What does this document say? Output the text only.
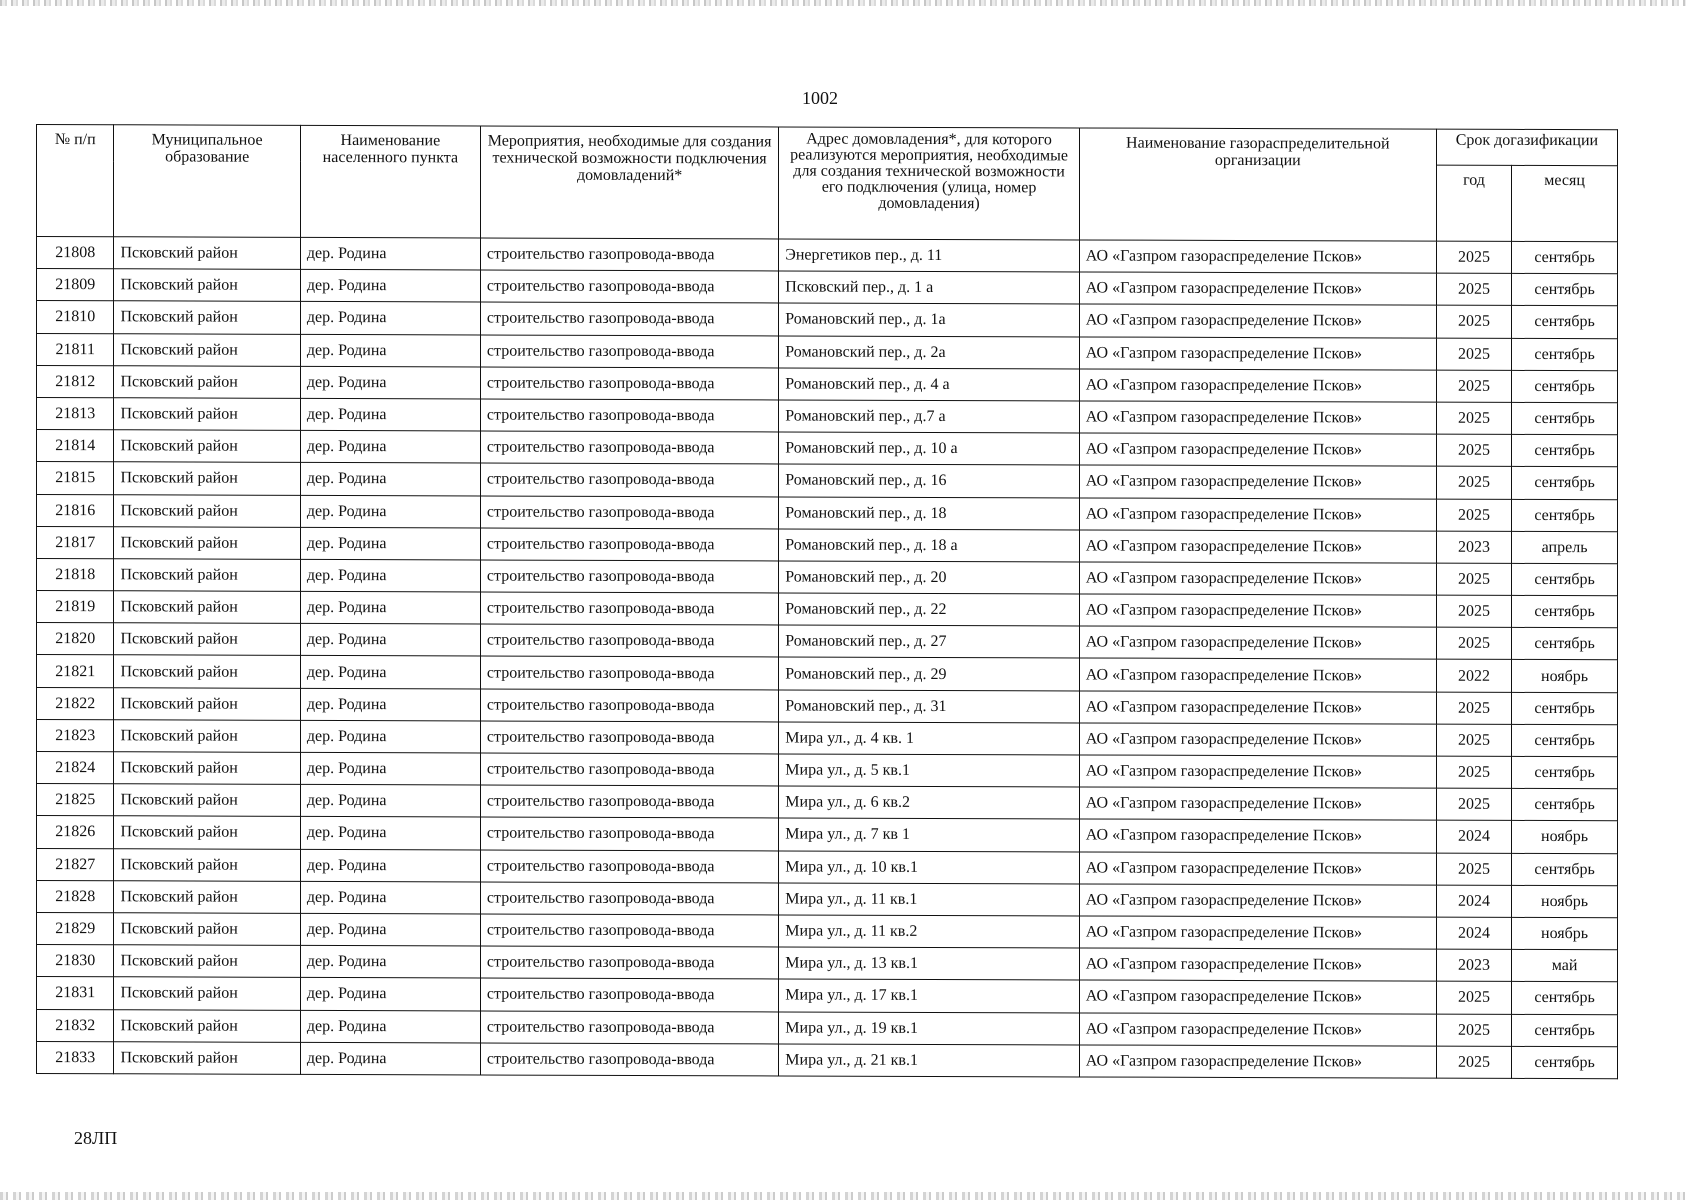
1002
№ п/п	Муниципальное образование	Наименование населенного пункта	Мероприятия, необходимые для создания технической возможности подключения домовладений*	Адрес домовладения*, для которого реализуются мероприятия, необходимые для создания технической возможности его подключения (улица, номер домовладения)	Наименование газораспределительной организации	Срок догазификации	
						год	месяц
21808	Псковский район	дер. Родина	строительство газопровода-ввода	Энергетиков пер., д. 11	АО «Газпром газораспределение Псков»	2025	сентябрь
21809	Псковский район	дер. Родина	строительство газопровода-ввода	Псковский пер., д. 1 а	АО «Газпром газораспределение Псков»	2025	сентябрь
21810	Псковский район	дер. Родина	строительство газопровода-ввода	Романовский пер., д. 1а	АО «Газпром газораспределение Псков»	2025	сентябрь
21811	Псковский район	дер. Родина	строительство газопровода-ввода	Романовский пер., д. 2а	АО «Газпром газораспределение Псков»	2025	сентябрь
21812	Псковский район	дер. Родина	строительство газопровода-ввода	Романовский пер., д. 4 а	АО «Газпром газораспределение Псков»	2025	сентябрь
21813	Псковский район	дер. Родина	строительство газопровода-ввода	Романовский пер., д.7 а	АО «Газпром газораспределение Псков»	2025	сентябрь
21814	Псковский район	дер. Родина	строительство газопровода-ввода	Романовский пер., д. 10 а	АО «Газпром газораспределение Псков»	2025	сентябрь
21815	Псковский район	дер. Родина	строительство газопровода-ввода	Романовский пер., д. 16	АО «Газпром газораспределение Псков»	2025	сентябрь
21816	Псковский район	дер. Родина	строительство газопровода-ввода	Романовский пер., д. 18	АО «Газпром газораспределение Псков»	2025	сентябрь
21817	Псковский район	дер. Родина	строительство газопровода-ввода	Романовский пер., д. 18 а	АО «Газпром газораспределение Псков»	2023	апрель
21818	Псковский район	дер. Родина	строительство газопровода-ввода	Романовский пер., д. 20	АО «Газпром газораспределение Псков»	2025	сентябрь
21819	Псковский район	дер. Родина	строительство газопровода-ввода	Романовский пер., д. 22	АО «Газпром газораспределение Псков»	2025	сентябрь
21820	Псковский район	дер. Родина	строительство газопровода-ввода	Романовский пер., д. 27	АО «Газпром газораспределение Псков»	2025	сентябрь
21821	Псковский район	дер. Родина	строительство газопровода-ввода	Романовский пер., д. 29	АО «Газпром газораспределение Псков»	2022	ноябрь
21822	Псковский район	дер. Родина	строительство газопровода-ввода	Романовский пер., д. 31	АО «Газпром газораспределение Псков»	2025	сентябрь
21823	Псковский район	дер. Родина	строительство газопровода-ввода	Мира ул., д. 4 кв. 1	АО «Газпром газораспределение Псков»	2025	сентябрь
21824	Псковский район	дер. Родина	строительство газопровода-ввода	Мира ул., д. 5 кв.1	АО «Газпром газораспределение Псков»	2025	сентябрь
21825	Псковский район	дер. Родина	строительство газопровода-ввода	Мира ул., д. 6 кв.2	АО «Газпром газораспределение Псков»	2025	сентябрь
21826	Псковский район	дер. Родина	строительство газопровода-ввода	Мира ул., д. 7 кв 1	АО «Газпром газораспределение Псков»	2024	ноябрь
21827	Псковский район	дер. Родина	строительство газопровода-ввода	Мира ул., д. 10 кв.1	АО «Газпром газораспределение Псков»	2025	сентябрь
21828	Псковский район	дер. Родина	строительство газопровода-ввода	Мира ул., д. 11 кв.1	АО «Газпром газораспределение Псков»	2024	ноябрь
21829	Псковский район	дер. Родина	строительство газопровода-ввода	Мира ул., д. 11 кв.2	АО «Газпром газораспределение Псков»	2024	ноябрь
21830	Псковский район	дер. Родина	строительство газопровода-ввода	Мира ул., д. 13 кв.1	АО «Газпром газораспределение Псков»	2023	май
21831	Псковский район	дер. Родина	строительство газопровода-ввода	Мира ул., д. 17 кв.1	АО «Газпром газораспределение Псков»	2025	сентябрь
21832	Псковский район	дер. Родина	строительство газопровода-ввода	Мира ул., д. 19 кв.1	АО «Газпром газораспределение Псков»	2025	сентябрь
21833	Псковский район	дер. Родина	строительство газопровода-ввода	Мира ул., д. 21 кв.1	АО «Газпром газораспределение Псков»	2025	сентябрь
28ЛП
